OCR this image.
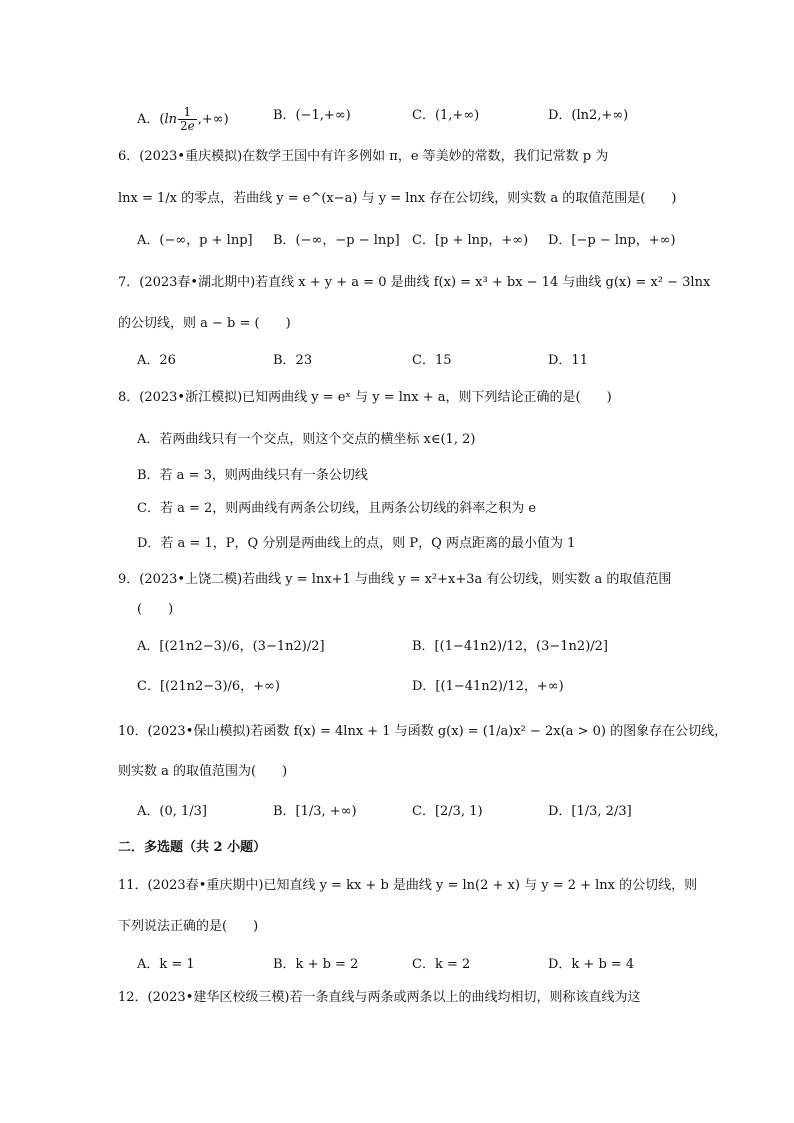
A．($\ln \frac{1}{2e}$ ,+∞)	B．(−1,+∞)	C．(1,+∞)	D．(ln2,+∞)
6．(2023•重庆模拟)在数学王国中有许多例如 π，e 等美妙的常数，我们记常数 p 为
lnx = 1/x 的零点，若曲线 y = e^(x−a) 与 y = lnx 存在公切线，则实数 a 的取值范围是(　　)
A．(−∞，p + lnp] B．(−∞，−p − lnp] C．[p + lnp，+∞) D．[−p − lnp，+∞)
7．(2023春•湖北期中)若直线 x + y + a = 0 是曲线 f(x) = x³ + bx − 14 与曲线 g(x) = x² − 3lnx
的公切线，则 a − b = (　　)
A．26	B．23	C．15	D．11
8．(2023•浙江模拟)已知两曲线 y = eˣ 与 y = lnx + a，则下列结论正确的是(　　)
A．若两曲线只有一个交点，则这个交点的横坐标 x∈(1, 2)
B．若 a = 3，则两曲线只有一条公切线
C．若 a = 2，则两曲线有两条公切线，且两条公切线的斜率之积为 e
D．若 a = 1，P，Q 分别是两曲线上的点，则 P，Q 两点距离的最小值为 1
9．(2023•上饶二模)若曲线 y = lnx+1 与曲线 y = x²+x+3a 有公切线，则实数 a 的取值范围
(　　)
A．[(21n2−3)/6，(3−1n2)/2]	B．[(1−41n2)/12，(3−1n2)/2]
C．[(21n2−3)/6，+∞)	D．[(1−41n2)/12，+∞)
10．(2023•保山模拟)若函数 f(x) = 4lnx + 1 与函数 g(x) = (1/a)x² − 2x(a > 0) 的图象存在公切线，
则实数 a 的取值范围为(　　)
A．(0, 1/3]	B．[1/3, +∞)	C．[2/3, 1)	D．[1/3, 2/3]
二．多选题（共 2 小题）
11．(2023春•重庆期中)已知直线 y = kx + b 是曲线 y = ln(2 + x) 与 y = 2 + lnx 的公切线，则
下列说法正确的是(　　)
A．k = 1	B．k + b = 2	C．k = 2	D．k + b = 4
12．(2023•建华区校级三模)若一条直线与两条或两条以上的曲线均相切，则称该直线为这
